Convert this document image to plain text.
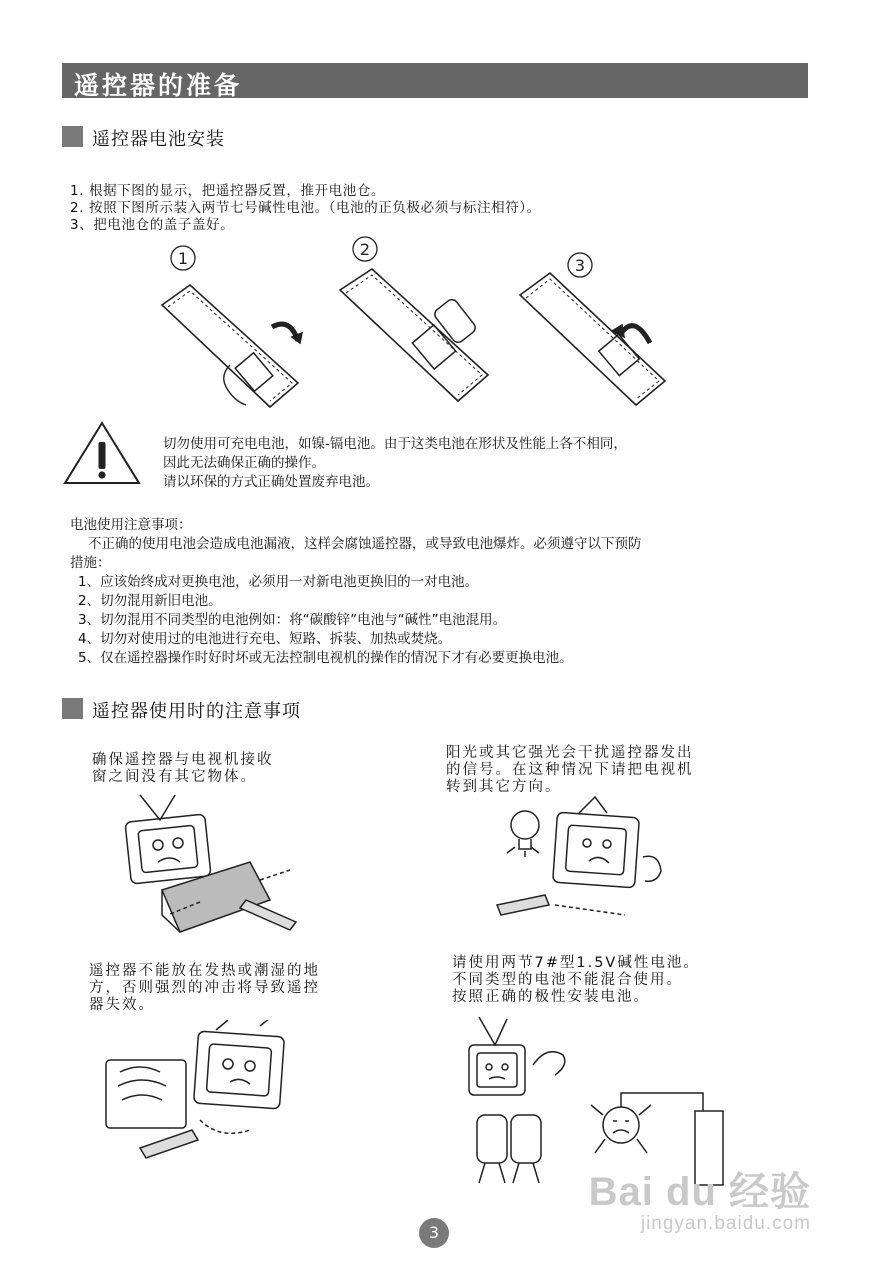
遥控器的准备
遥控器电池安装
1. 根据下图的显示，把遥控器反置，推开电池仓。
2. 按照下图所示装入两节七号碱性电池。（电池的正负极必须与标注相符）。
3、把电池仓的盖子盖好。
1	2
3
切勿使用可充电电池，如镍-镉电池。由于这类电池在形状及性能上各不相同，
因此无法确保正确的操作。
请以环保的方式正确处置废弃电池。
电池使用注意事项：
不正确的使用电池会造成电池漏液，这样会腐蚀遥控器，或导致电池爆炸。必须遵守以下预防
措施：
1、应该始终成对更换电池，必须用一对新电池更换旧的一对电池。
2、切勿混用新旧电池。
3、切勿混用不同类型的电池例如：将“碳酸锌”电池与“碱性”电池混用。
4、切勿对使用过的电池进行充电、短路、拆装、加热或焚烧。
5、仅在遥控器操作时好时坏或无法控制电视机的操作的情况下才有必要更换电池。
遥控器使用时的注意事项
确保遥控器与电视机接收
窗之间没有其它物体。
阳光或其它强光会干扰遥控器发出
的信号。在这种情况下请把电视机
转到其它方向。
遥控器不能放在发热或潮湿的地
方，否则强烈的冲击将导致遥控
器失效。
请使用两节7#型1.5V碱性电池。
不同类型的电池不能混合使用。
按照正确的极性安装电池。
3
Bai du 经验
jingyan.baidu.com
